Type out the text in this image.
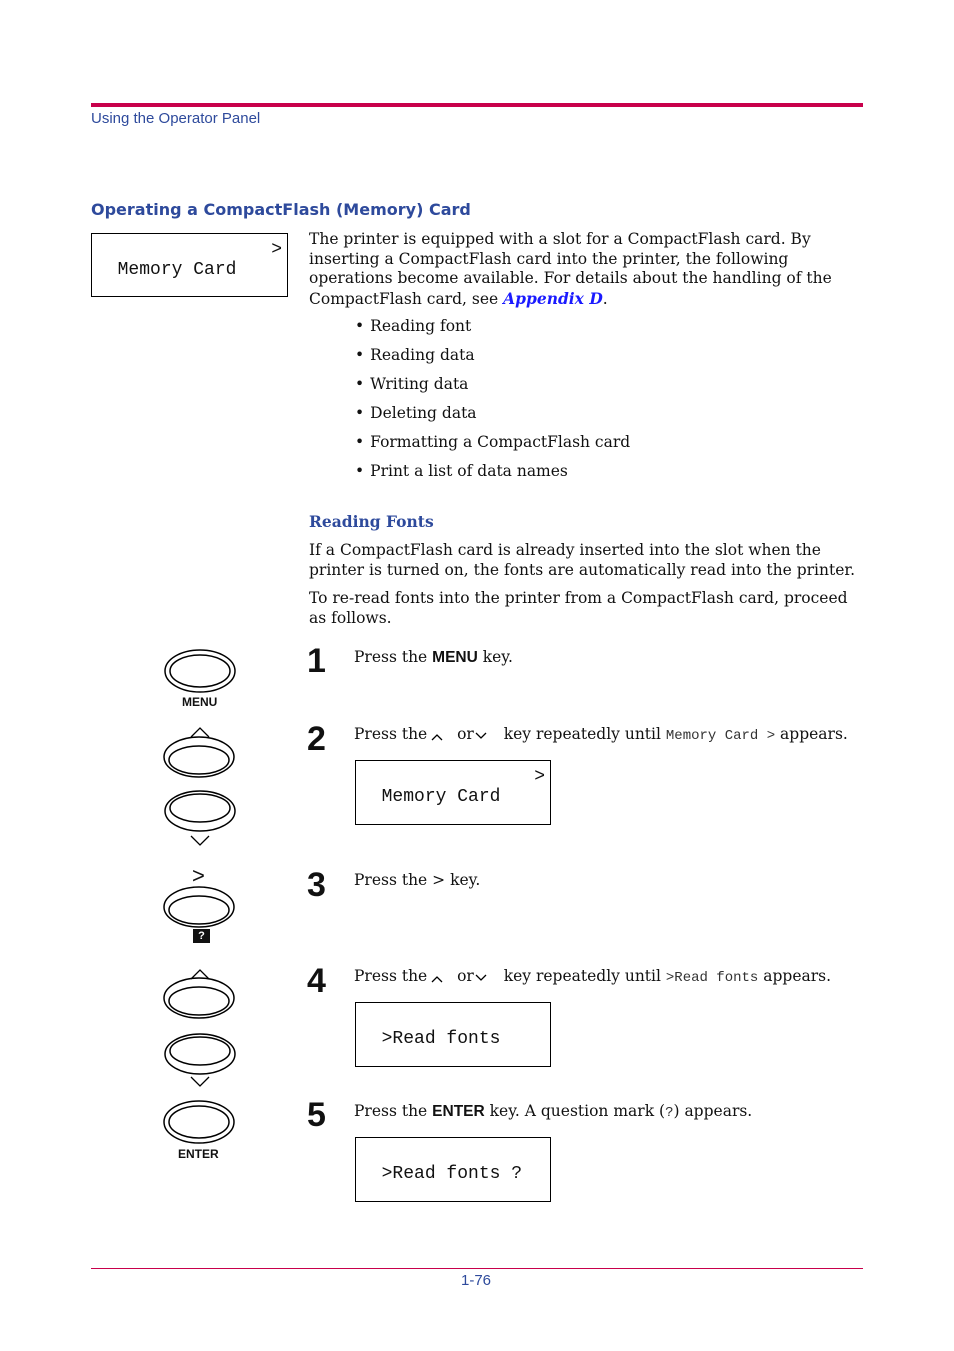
Using the Operator Panel
Operating a CompactFlash (Memory) Card

Memory Card
>

The printer is equipped with a slot for a CompactFlash card. By inserting a CompactFlash card into the printer, the following operations become available. For details about the handling of the CompactFlash card, see Appendix D.
• Reading font
• Reading data
• Writing data
• Deleting data
• Formatting a CompactFlash card
• Print a list of data names
Reading Fonts
If a CompactFlash card is already inserted into the slot when the printer is turned on, the fonts are automatically read into the printer.
To re-read fonts into the printer from a CompactFlash card, proceed as follows.
MENU
>
?
ENTER
1 Press the MENU key.
2 Press the  or  key repeatedly until Memory Card > appears.

Memory Card
>

3 Press the > key.
4 Press the  or  key repeatedly until >Read fonts appears.

>Read fonts

5 Press the ENTER key. A question mark (?) appears.

>Read fonts ?

1-76
